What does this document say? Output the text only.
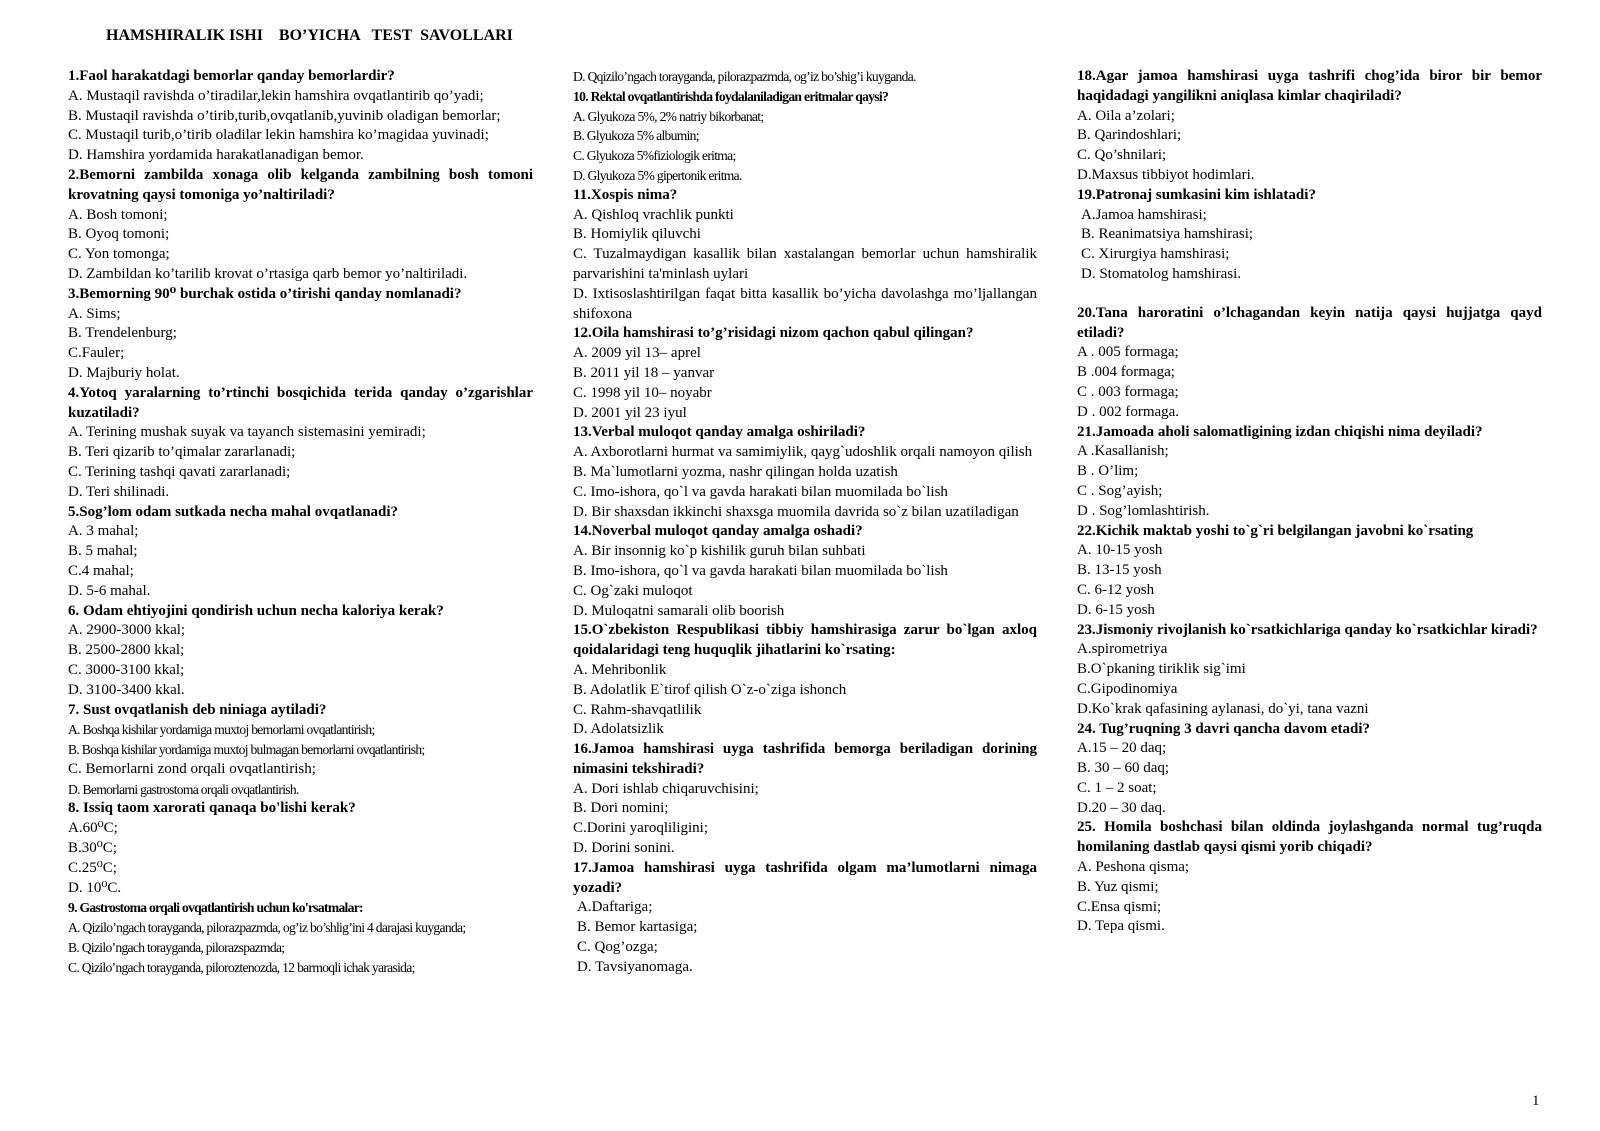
HAMSHIRALIK ISHI    BO’YICHA   TEST  SAVOLLARI
1.Faol harakatdagi bemorlar qanday bemorlardir?
A. Mustaqil ravishda o’tiradilar,lekin hamshira ovqatlantirib qo’yadi;
B. Mustaqil ravishda o’tirib,turib,ovqatlanib,yuvinib oladigan bemorlar;
C. Mustaqil turib,o’tirib oladilar lekin hamshira ko’magidaa yuvinadi;
D. Hamshira yordamida harakatlanadigan bemor.
2.Bemorni zambilda xonaga olib kelganda zambilning bosh tomoni krovatning qaysi tomoniga yo’naltiriladi?
A. Bosh tomoni;
B. Oyoq tomoni;
C. Yon tomonga;
D. Zambildan ko’tarilib krovat o’rtasiga qarb bemor yo’naltiriladi.
3.Bemorning 90⁰ burchak ostida o’tirishi qanday nomlanadi?
A. Sims;
B. Trendelenburg;
C.Fauler;
D. Majburiy holat.
4.Yotoq yaralarning to’rtinchi bosqichida terida qanday o’zgarishlar kuzatiladi?
A. Terining mushak suyak va tayanch sistemasini yemiradi;
B. Teri qizarib to’qimalar zararlanadi;
C. Terining tashqi qavati zararlanadi;
D. Teri shilinadi.
5.Sog’lom odam sutkada necha mahal ovqatlanadi?
A. 3 mahal;
B. 5 mahal;
C.4 mahal;
D. 5-6 mahal.
6. Odam ehtiyojini qondirish uchun necha kaloriya kerak?
A. 2900-3000 kkal;
B. 2500-2800 kkal;
C. 3000-3100 kkal;
D. 3100-3400 kkal.
7. Sust ovqatlanish deb niniaga aytiladi?
A. Boshqa kishilar yordamiga muxtoj bemorlarni ovqatlantirish;
B. Boshqa kishilar yordamiga muxtoj bulmagan bemorlarni ovqatlantirish;
C. Bemorlarni zond orqali ovqatlantirish;
D. Bemorlarni gastrostoma orqali ovqatlantirish.
8. Issiq taom xarorati qanaqa bo'lishi kerak?
A.60⁰C;
B.30⁰C;
C.25⁰C;
D. 10⁰C.
9. Gastrostoma orqali ovqatlantirish uchun ko'rsatmalar:
A. Qizilo’ngach torayganda, pilorazpazmda, og’iz bo’shlig’ini 4 darajasi kuyganda;
B. Qizilo’ngach torayganda, pilorazspazmda;
C. Qizilo’ngach torayganda, piloroztenozda, 12 barmoqli ichak yarasida;
D. Qqizilo’ngach torayganda, pilorazpazmda, og’iz bo’shig’i kuyganda.
10. Rektal ovqatlantirishda foydalaniladigan eritmalar qaysi?
A. Glyukoza 5%, 2% natriy bikorbanat;
B. Glyukoza 5% albumin;
C. Glyukoza 5%fiziologik eritma;
D. Glyukoza 5% gipertonik eritma.
11.Xospis nima?
A. Qishloq vrachlik punkti
B. Homiylik qiluvchi
C. Tuzalmaydigan kasallik bilan xastalangan bemorlar uchun hamshiralik parvarishini ta'minlash uylari
D. Ixtisoslashtirilgan faqat bitta kasallik bo’yicha davolashga mo’ljallangan shifoxona
12.Oila hamshirasi to’g’risidagi nizom qachon qabul qilingan?
A. 2009 yil 13– aprel
B. 2011 yil 18 – yanvar
C. 1998 yil 10– noyabr
D. 2001 yil 23 iyul
13.Verbal muloqot qanday amalga oshiriladi?
A. Axborotlarni hurmat va samimiylik, qayg`udoshlik orqali namoyon qilish
B. Ma`lumotlarni yozma, nashr qilingan holda uzatish
C. Imo-ishora, qo`l va gavda harakati bilan muomilada bo`lish
D. Bir shaxsdan ikkinchi shaxsga muomila davrida so`z bilan uzatiladigan
14.Noverbal muloqot qanday amalga oshadi?
A. Bir insonnig ko`p kishilik guruh bilan suhbati
B. Imo-ishora, qo`l va gavda harakati bilan muomilada bo`lish
C. Og`zaki muloqot
D. Muloqatni samarali olib boorish
15.O`zbekiston Respublikasi tibbiy hamshirasiga zarur bo`lgan axloq qoidalaridagi teng huquqlik jihatlarini ko`rsating:
A. Mehribonlik
B. Adolatlik E`tirof qilish O`z-o`ziga ishonch
C. Rahm-shavqatlilik
D. Adolatsizlik
16.Jamoa hamshirasi uyga tashrifida bemorga beriladigan dorining nimasini tekshiradi?
A. Dori ishlab chiqaruvchisini;
B. Dori nomini;
C.Dorini yaroqliligini;
D. Dorini sonini.
17.Jamoa hamshirasi uyga tashrifida olgam ma’lumotlarni nimaga yozadi?
A.Daftariga;
B. Bemor kartasiga;
C. Qog’ozga;
D. Tavsiyanomaga.
18.Agar jamoa hamshirasi uyga tashrifi chog’ida biror bir bemor haqidadagi yangilikni aniqlasa kimlar chaqiriladi?
A. Oila a’zolari;
B. Qarindoshlari;
C. Qo’shnilari;
D.Maxsus tibbiyot hodimlari.
19.Patronaj sumkasini kim ishlatadi?
A.Jamoa hamshirasi;
B. Reanimatsiya hamshirasi;
C. Xirurgiya hamshirasi;
D. Stomatolog hamshirasi.
20.Tana haroratini o’lchagandan keyin natija qaysi hujjatga qayd etiladi?
A . 005 formaga;
B .004 formaga;
C . 003 formaga;
D . 002 formaga.
21.Jamoada aholi salomatligining izdan chiqishi nima deyiladi?
A .Kasallanish;
B . O’lim;
C . Sog’ayish;
D . Sog’lomlashtirish.
22.Kichik maktab yoshi to`g`ri belgilangan javobni ko`rsating
A. 10-15 yosh
B. 13-15 yosh
C. 6-12 yosh
D. 6-15 yosh
23.Jismoniy rivojlanish ko`rsatkichlariga qanday ko`rsatkichlar kiradi?
A.spirometriya
B.O`pkaning tiriklik sig`imi
C.Gipodinomiya
D.Ko`krak qafasining aylanasi, do`yi, tana vazni
24. Tug’ruqning 3 davri qancha davom etadi?
A.15 – 20 daq;
B. 30 – 60 daq;
C. 1 – 2 soat;
D.20 – 30 daq.
25. Homila boshchasi bilan oldinda joylashganda normal tug’ruqda homilaning dastlab qaysi qismi yorib chiqadi?
A. Peshona qisma;
B. Yuz qismi;
C.Ensa qismi;
D. Tepa qismi.
1
